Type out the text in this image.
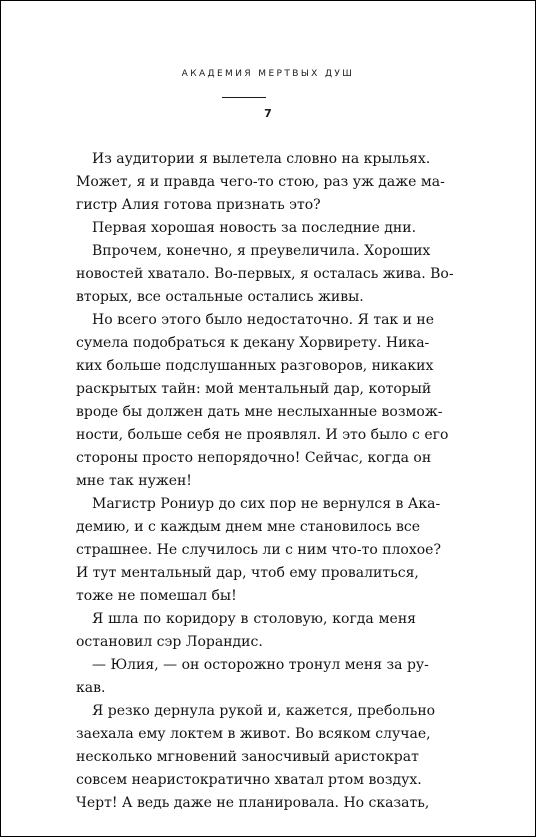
АКАДЕМИЯ МЕРТВЫХ ДУШ
7
Из аудитории я вылетела словно на крыльях.
Может, я и правда чего-то стою, раз уж даже ма-
гистр Алия готова признать это?
Первая хорошая новость за последние дни.
Впрочем, конечно, я преувеличила. Хороших
новостей хватало. Во-первых, я осталась жива. Во-
вторых, все остальные остались живы.
Но всего этого было недостаточно. Я так и не
сумела подобраться к декану Хорвирету. Ника-
ких больше подслушанных разговоров, никаких
раскрытых тайн: мой ментальный дар, который
вроде бы должен дать мне неслыханные возмож-
ности, больше себя не проявлял. И это было с его
стороны просто непорядочно! Сейчас, когда он
мне так нужен!
Магистр Рониур до сих пор не вернулся в Ака-
демию, и с каждым днем мне становилось все
страшнее. Не случилось ли с ним что-то плохое?
И тут ментальный дар, чтоб ему провалиться,
тоже не помешал бы!
Я шла по коридору в столовую, когда меня
остановил сэр Лорандис.
— Юлия, — он осторожно тронул меня за ру-
кав.
Я резко дернула рукой и, кажется, пребольно
заехала ему локтем в живот. Во всяком случае,
несколько мгновений заносчивый аристократ
совсем неаристократично хватал ртом воздух.
Черт! А ведь даже не планировала. Но сказать,
